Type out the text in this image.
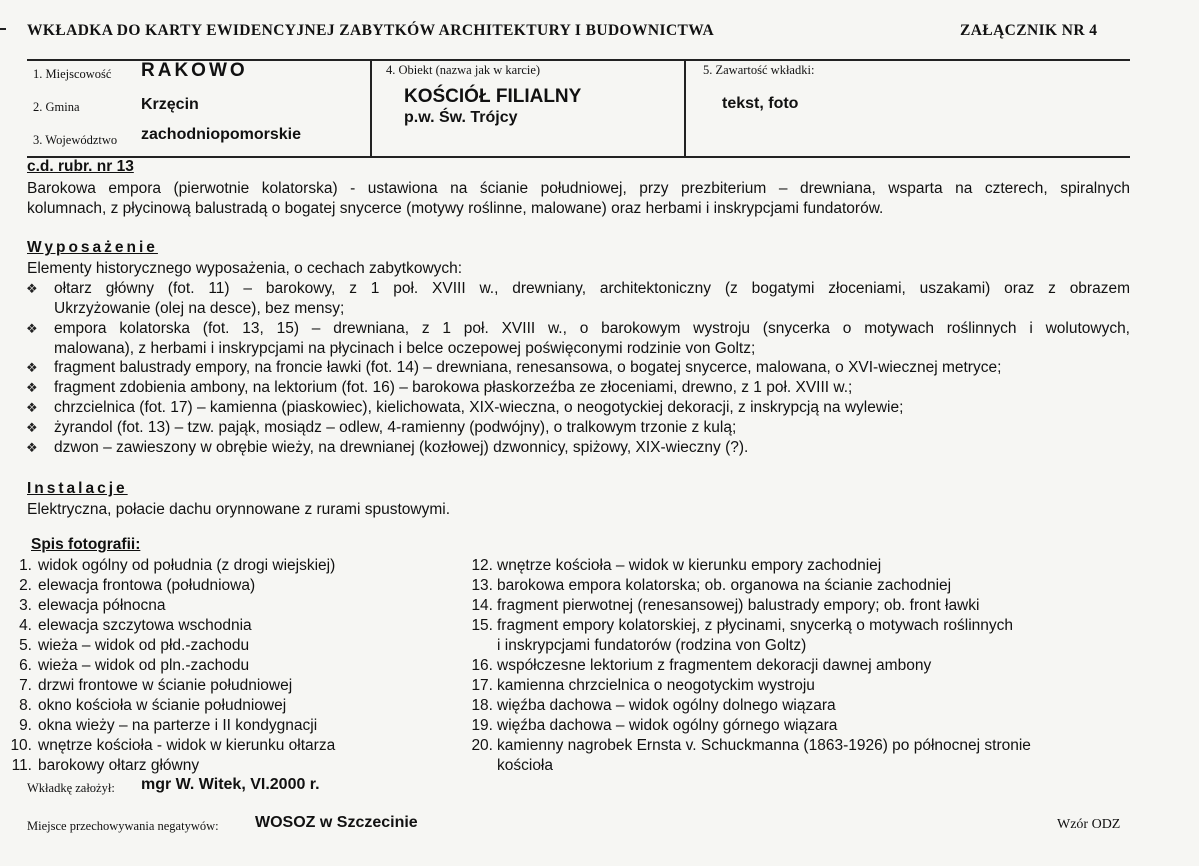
WKŁADKA DO KARTY EWIDENCYJNEJ ZABYTKÓW ARCHITEKTURY I BUDOWNICTWA	ZAŁĄCZNIK NR 4
1. Miejscowość RAKOWO
2. Gmina	Krzęcin
3. Województwo zachodniopomorskie
4. Obiekt (nazwa jak w karcie)
KOŚCIÓŁ FILIALNY
p.w. Św. Trójcy
5. Zawartość wkładki:
tekst, foto
c.d. rubr. nr 13
Barokowa empora (pierwotnie kolatorska) - ustawiona na ścianie południowej, przy prezbiterium – drewniana, wsparta na czterech, spiralnych
kolumnach, z płycinową balustradą o bogatej snycerce (motywy roślinne, malowane) oraz herbami i inskrypcjami fundatorów.
Wyposażenie
Elementy historycznego wyposażenia, o cechach zabytkowych:
❖ ołtarz główny (fot. 11) – barokowy, z 1 poł. XVIII w., drewniany, architektoniczny (z bogatymi złoceniami, uszakami) oraz z obrazem
Ukrzyżowanie (olej na desce), bez mensy;
❖ empora kolatorska (fot. 13, 15) – drewniana, z 1 poł. XVIII w., o barokowym wystroju (snycerka o motywach roślinnych i wolutowych,
malowana), z herbami i inskrypcjami na płycinach i belce oczepowej poświęconymi rodzinie von Goltz;
❖ fragment balustrady empory, na froncie ławki (fot. 14) – drewniana, renesansowa, o bogatej snycerce, malowana, o XVI-wiecznej metryce;
❖ fragment zdobienia ambony, na lektorium (fot. 16) – barokowa płaskorzeźba ze złoceniami, drewno, z 1 poł. XVIII w.;
❖ chrzcielnica (fot. 17) – kamienna (piaskowiec), kielichowata, XIX-wieczna, o neogotyckiej dekoracji, z inskrypcją na wylewie;
❖ żyrandol (fot. 13) – tzw. pająk, mosiądz – odlew, 4-ramienny (podwójny), o tralkowym trzonie z kulą;
❖ dzwon – zawieszony w obrębie wieży, na drewnianej (kozłowej) dzwonnicy, spiżowy, XIX-wieczny (?).
Instalacje
Elektryczna, połacie dachu orynnowane z rurami spustowymi.
Spis fotografii:
1. widok ogólny od południa (z drogi wiejskiej)
2. elewacja frontowa (południowa)
3. elewacja północna
4. elewacja szczytowa wschodnia
5. wieża – widok od płd.-zachodu
6. wieża – widok od pln.-zachodu
7. drzwi frontowe w ścianie południowej
8. okno kościoła w ścianie południowej
9. okna wieży – na parterze i II kondygnacji
10. wnętrze kościoła - widok w kierunku ołtarza
11. barokowy ołtarz główny
12. wnętrze kościoła – widok w kierunku empory zachodniej
13. barokowa empora kolatorska; ob. organowa na ścianie zachodniej
14. fragment pierwotnej (renesansowej) balustrady empory; ob. front ławki
15. fragment empory kolatorskiej, z płycinami, snycerką o motywach roślinnych
i inskrypcjami fundatorów (rodzina von Goltz)
16. współczesne lektorium z fragmentem dekoracji dawnej ambony
17. kamienna chrzcielnica o neogotyckim wystroju
18. więźba dachowa – widok ogólny dolnego wiązara
19. więźba dachowa – widok ogólny górnego wiązara
20. kamienny nagrobek Ernsta v. Schuckmanna (1863-1926) po północnej stronie
kościoła
Wkładkę założył: mgr W. Witek, VI.2000 r.
Miejsce przechowywania negatywów: WOSOZ w Szczecinie	Wzór ODZ
